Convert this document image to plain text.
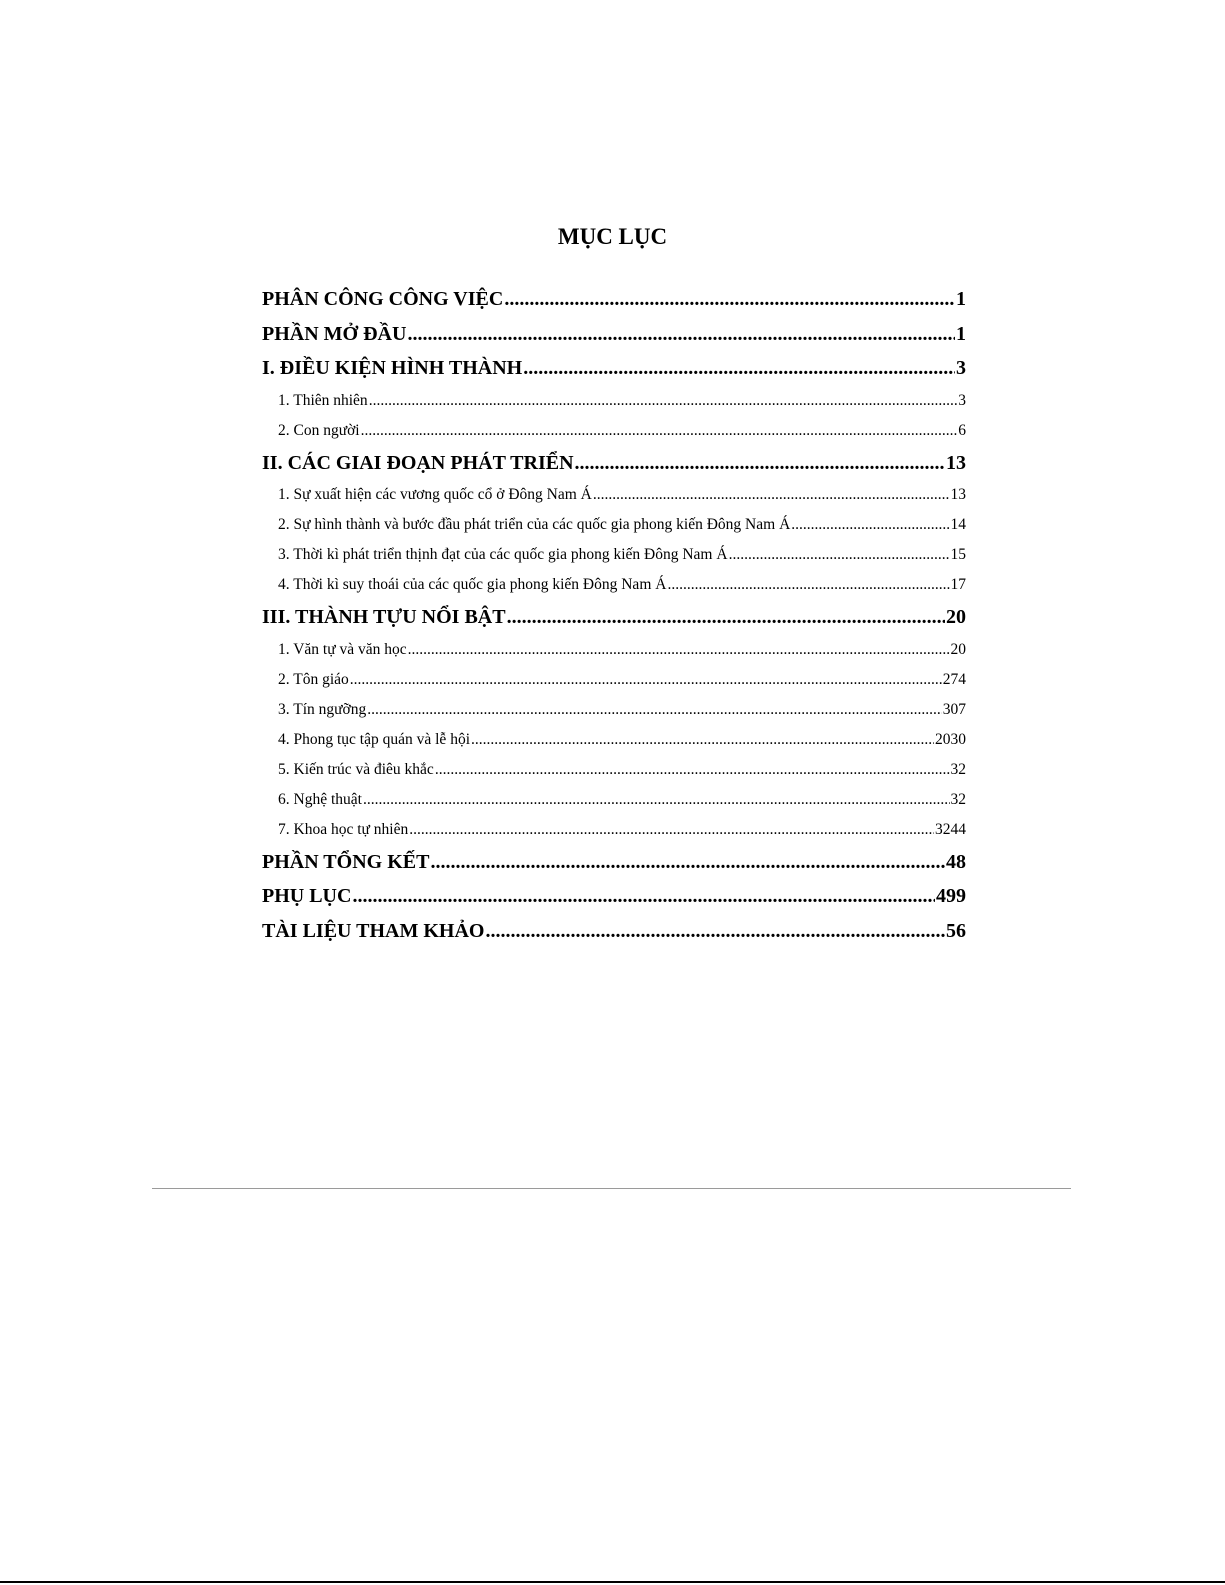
MỤC LỤC
PHÂN CÔNG CÔNG VIỆC .....	1
PHẦN MỞ ĐẦU .....	1
I. ĐIỀU KIỆN HÌNH THÀNH .....	3
1. Thiên nhiên .....	3
2. Con người .....	6
II. CÁC GIAI ĐOẠN PHÁT TRIỂN .....	13
1. Sự xuất hiện các vương quốc cổ ở Đông Nam Á .....	13
2. Sự hình thành và bước đầu phát triển của các quốc gia phong kiến Đông Nam Á .....	14
3. Thời kì phát triển thịnh đạt của các quốc gia phong kiến Đông Nam Á .....	15
4. Thời kì suy thoái của các quốc gia phong kiến Đông Nam Á .....	17
III. THÀNH TỰU NỔI BẬT .....	20
1. Văn tự và văn học .....	20
2. Tôn giáo .....	274
3. Tín ngưỡng .....	307
4. Phong tục tập quán và lễ hội .....	2030
5. Kiến trúc và điêu khắc .....	32
6. Nghệ thuật .....	32
7. Khoa học tự nhiên .....	3244
PHẦN TỔNG KẾT .....	48
PHỤ LỤC .....	499
TÀI LIỆU THAM KHẢO .....	56
